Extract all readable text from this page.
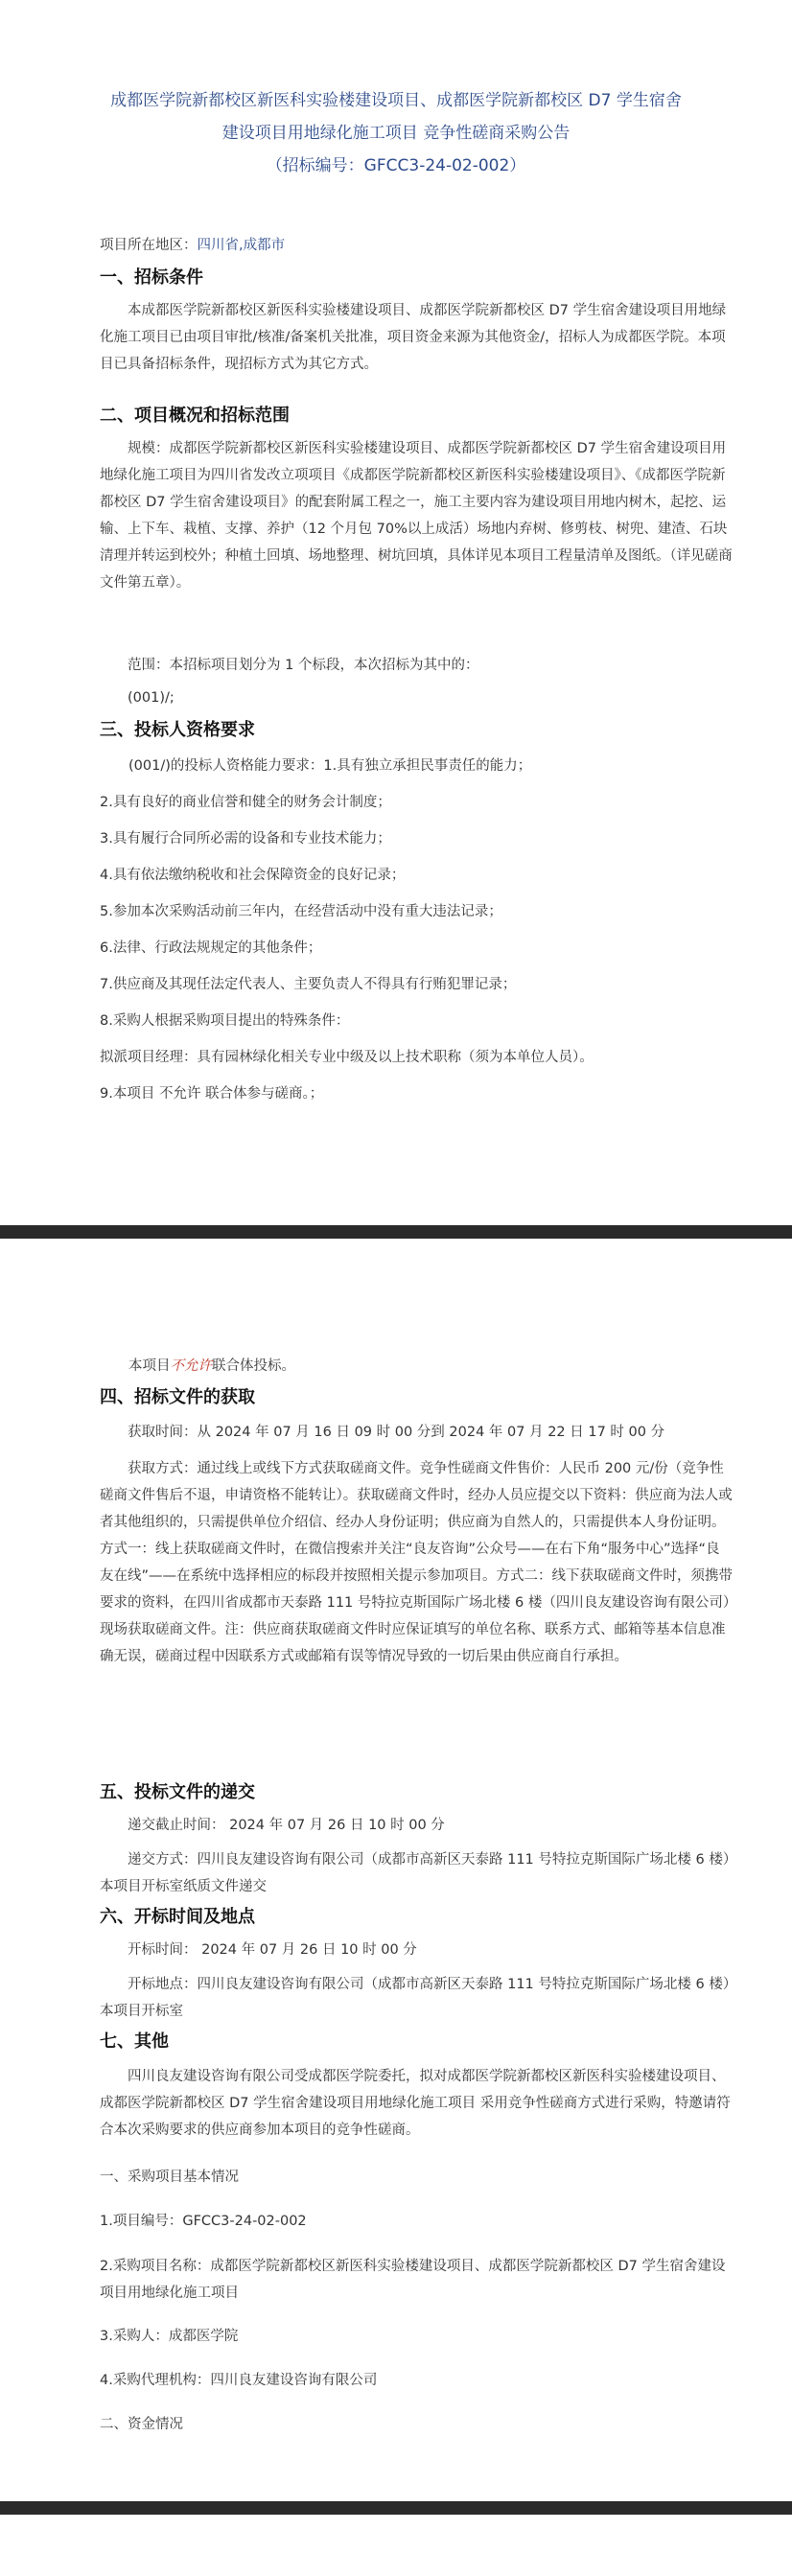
成都医学院新都校区新医科实验楼建设项目、成都医学院新都校区 D7 学生宿舍
建设项目用地绿化施工项目 竞争性磋商采购公告
（招标编号：GFCC3-24-02-002）
项目所在地区：四川省,成都市
一、招标条件

本成都医学院新都校区新医科实验楼建设项目、成都医学院新都校区 D7 学生宿舍建设项目用地绿化施工项目已由项目审批/核准/备案机关批准，项目资金来源为其他资金/，招标人为成都医学院。本项目已具备招标条件，现招标方式为其它方式。

二、项目概况和招标范围

规模：成都医学院新都校区新医科实验楼建设项目、成都医学院新都校区 D7 学生宿舍建设项目用地绿化施工项目为四川省发改立项项目《成都医学院新都校区新医科实验楼建设项目》、《成都医学院新都校区 D7 学生宿舍建设项目》的配套附属工程之一，施工主要内容为建设项目用地内树木，起挖、运输、上下车、栽植、支撑、养护（12 个月包 70%以上成活）场地内弃树、修剪枝、树兜、建渣、石块清理并转运到校外；种植土回填、场地整理、树坑回填，具体详见本项目工程量清单及图纸。（详见磋商文件第五章）。

范围：本招标项目划分为 1 个标段，本次招标为其中的：

(001)/;

三、投标人资格要求
(001/)的投标人资格能力要求：1.具有独立承担民事责任的能力；
2.具有良好的商业信誉和健全的财务会计制度；
3.具有履行合同所必需的设备和专业技术能力；
4.具有依法缴纳税收和社会保障资金的良好记录；
5.参加本次采购活动前三年内，在经营活动中没有重大违法记录；
6.法律、行政法规规定的其他条件；
7.供应商及其现任法定代表人、主要负责人不得具有行贿犯罪记录；
8.采购人根据采购项目提出的特殊条件：
拟派项目经理：具有园林绿化相关专业中级及以上技术职称（须为本单位人员）。
9.本项目 不允许 联合体参与磋商。；
本项目不允许联合体投标。
四、招标文件的获取

获取时间：从 2024 年 07 月 16 日 09 时 00 分到 2024 年 07 月 22 日 17 时 00 分

获取方式：通过线上或线下方式获取磋商文件。竞争性磋商文件售价：人民币 200 元/份（竞争性磋商文件售后不退，申请资格不能转让）。获取磋商文件时，经办人员应提交以下资料：供应商为法人或者其他组织的，只需提供单位介绍信、经办人身份证明；供应商为自然人的，只需提供本人身份证明。方式一：线上获取磋商文件时，在微信搜索并关注“良友咨询”公众号——在右下角“服务中心”选择“良友在线”——在系统中选择相应的标段并按照相关提示参加项目。方式二：线下获取磋商文件时，须携带要求的资料，在四川省成都市天泰路 111 号特拉克斯国际广场北楼 6 楼（四川良友建设咨询有限公司）现场获取磋商文件。注：供应商获取磋商文件时应保证填写的单位名称、联系方式、邮箱等基本信息准确无误，磋商过程中因联系方式或邮箱有误等情况导致的一切后果由供应商自行承担。

五、投标文件的递交

递交截止时间： 2024 年 07 月 26 日 10 时 00 分

递交方式：四川良友建设咨询有限公司（成都市高新区天泰路 111 号特拉克斯国际广场北楼 6 楼）本项目开标室纸质文件递交

六、开标时间及地点

开标时间： 2024 年 07 月 26 日 10 时 00 分

开标地点：四川良友建设咨询有限公司（成都市高新区天泰路 111 号特拉克斯国际广场北楼 6 楼）本项目开标室

七、其他

四川良友建设咨询有限公司受成都医学院委托，拟对成都医学院新都校区新医科实验楼建设项目、成都医学院新都校区 D7 学生宿舍建设项目用地绿化施工项目 采用竞争性磋商方式进行采购，特邀请符合本次采购要求的供应商参加本项目的竞争性磋商。

一、采购项目基本情况
1.项目编号：GFCC3-24-02-002

2.采购项目名称：成都医学院新都校区新医科实验楼建设项目、成都医学院新都校区 D7 学生宿舍建设项目用地绿化施工项目

3.采购人：成都医学院
4.采购代理机构：四川良友建设咨询有限公司
二、资金情况
